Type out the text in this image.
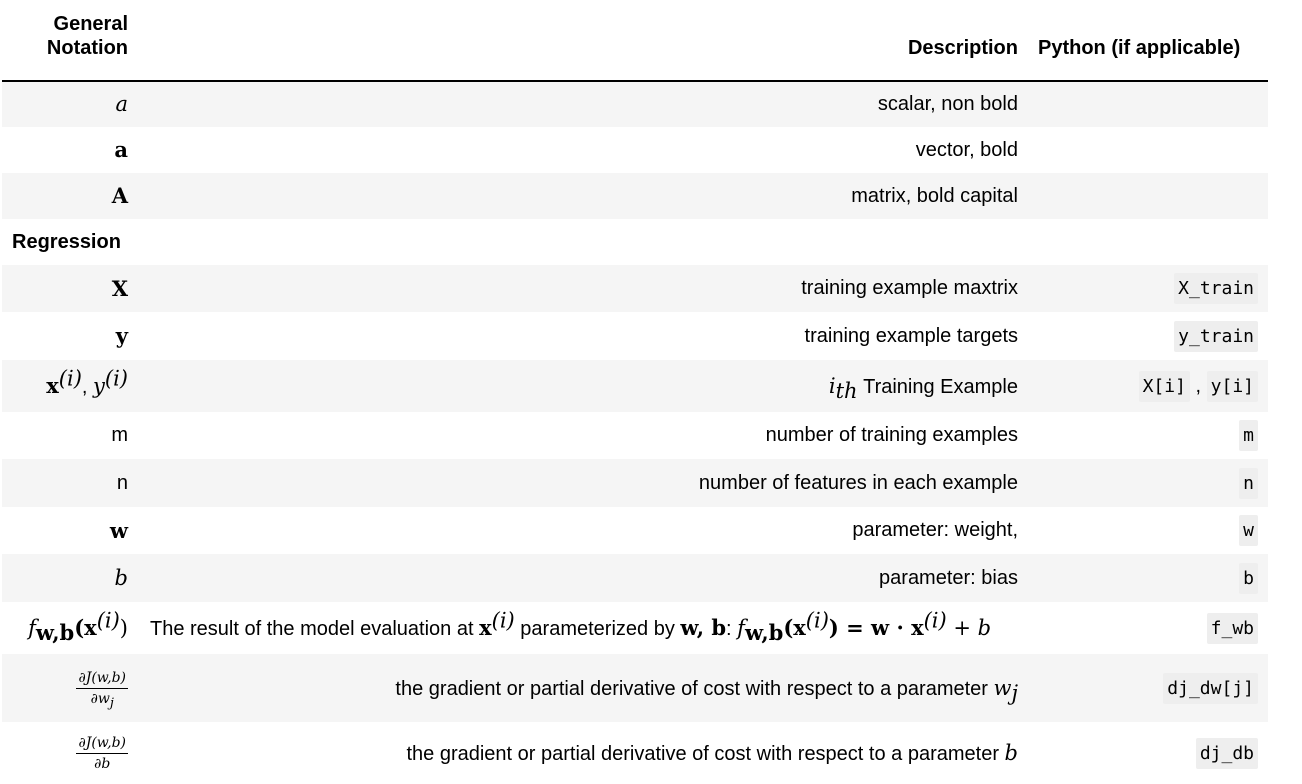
General
Notation	Description	Python (if applicable)
a	scalar, non bold	
a	vector, bold	
A	matrix, bold capital	
Regression		
X	training example maxtrix	X_train
y	training example targets	y_train
$x^{(i)}$, $y^{(i)}$	$i_{th}$ Training Example	X[i] , y[i]
m	number of training examples	m
n	number of features in each example	n
w	parameter: weight,	w
b	parameter: bias	b
$f_{w,b}(x^{(i)})$	The result of the model evaluation at $x^{(i)}$ parameterized by w, b: $f_{w,b}(x^{(i)}) = w \cdot x^{(i)} + b$	f_wb

$\frac{\partial J(w,b)}{\partial w_j}$	the gradient or partial derivative of cost with respect to a parameter $w_j$	dj_dw[j]

$\frac{\partial J(w,b)}{\partial b}$	the gradient or partial derivative of cost with respect to a parameter b	dj_db
